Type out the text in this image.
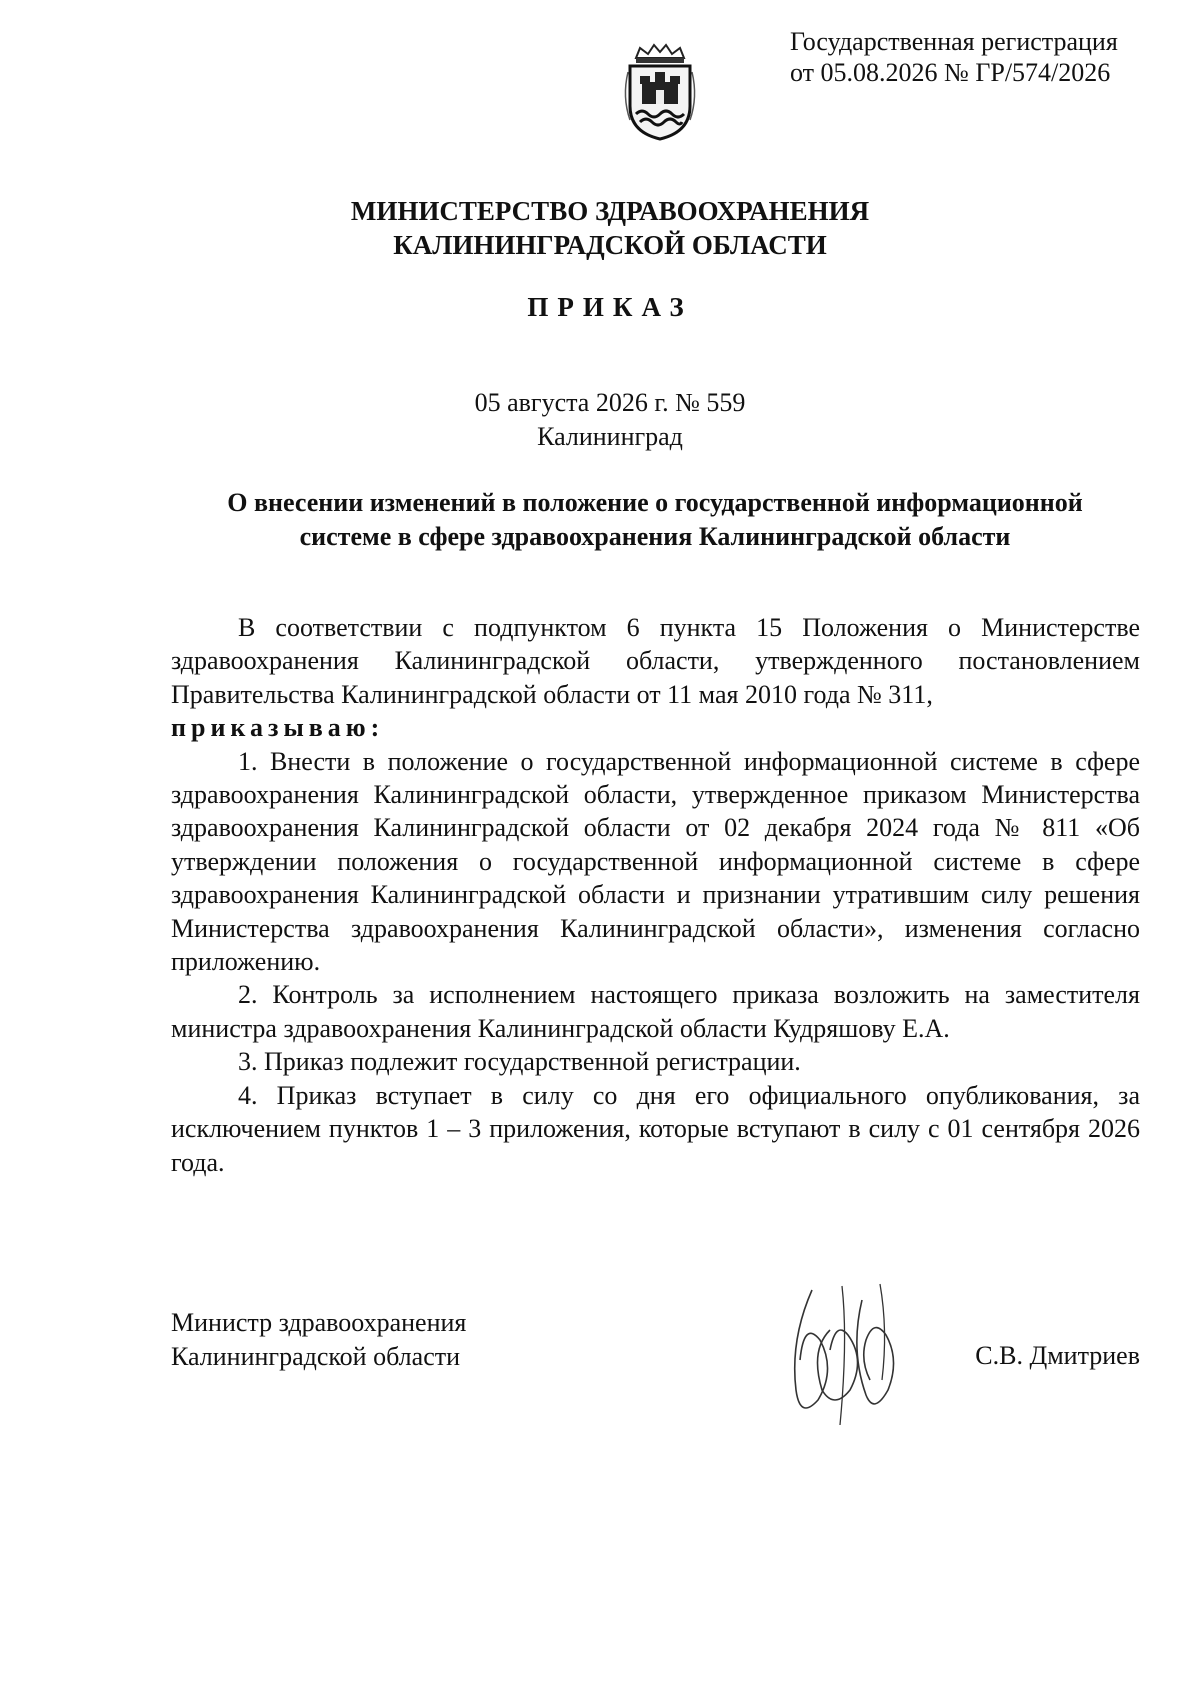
Государственная регистрация
от 05.08.2026 № ГР/574/2026
МИНИСТЕРСТВО ЗДРАВООХРАНЕНИЯ
КАЛИНИНГРАДСКОЙ ОБЛАСТИ
ПРИКАЗ
05 августа 2026 г. № 559
Калининград
О внесении изменений в положение о государственной информационной
системе в сфере здравоохранения Калининградской области

В соответствии с подпунктом 6 пункта 15 Положения о Министерстве здравоохранения Калининградской области, утвержденного постановлением Правительства Калининградской области от 11 мая 2010 года № 311,

приказываю:

1. Внести в положение о государственной информационной системе в сфере здравоохранения Калининградской области, утвержденное приказом Министерства здравоохранения Калининградской области от 02 декабря 2024 года № 811 «Об утверждении положения о государственной информационной системе в сфере здравоохранения Калининградской области и признании утратившим силу решения Министерства здравоохранения Калининградской области», изменения согласно приложению.

2. Контроль за исполнением настоящего приказа возложить на заместителя министра здравоохранения Калининградской области Кудряшову Е.А.

3. Приказ подлежит государственной регистрации.

4. Приказ вступает в силу со дня его официального опубликования, за исключением пунктов 1 – 3 приложения, которые вступают в силу с 01 сентября 2026 года.

Министр здравоохранения
Калининградской области	С.В. Дмитриев
